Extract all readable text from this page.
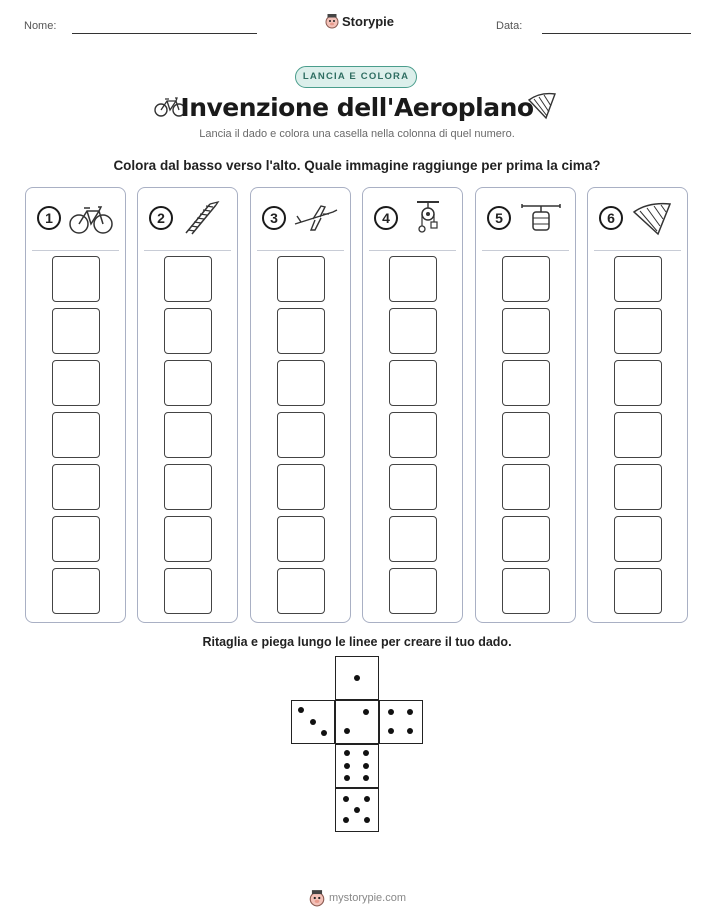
Nome:	Storypie	Data:
LANCIA E COLORA
Invenzione dell'Aeroplano
Lancia il dado e colora una casella nella colonna di quel numero.
Colora dal basso verso l'alto. Quale immagine raggiunge per prima la cima?
1	2	3	4	5	6
Ritaglia e piega lungo le linee per creare il tuo dado.
mystorypie.com
